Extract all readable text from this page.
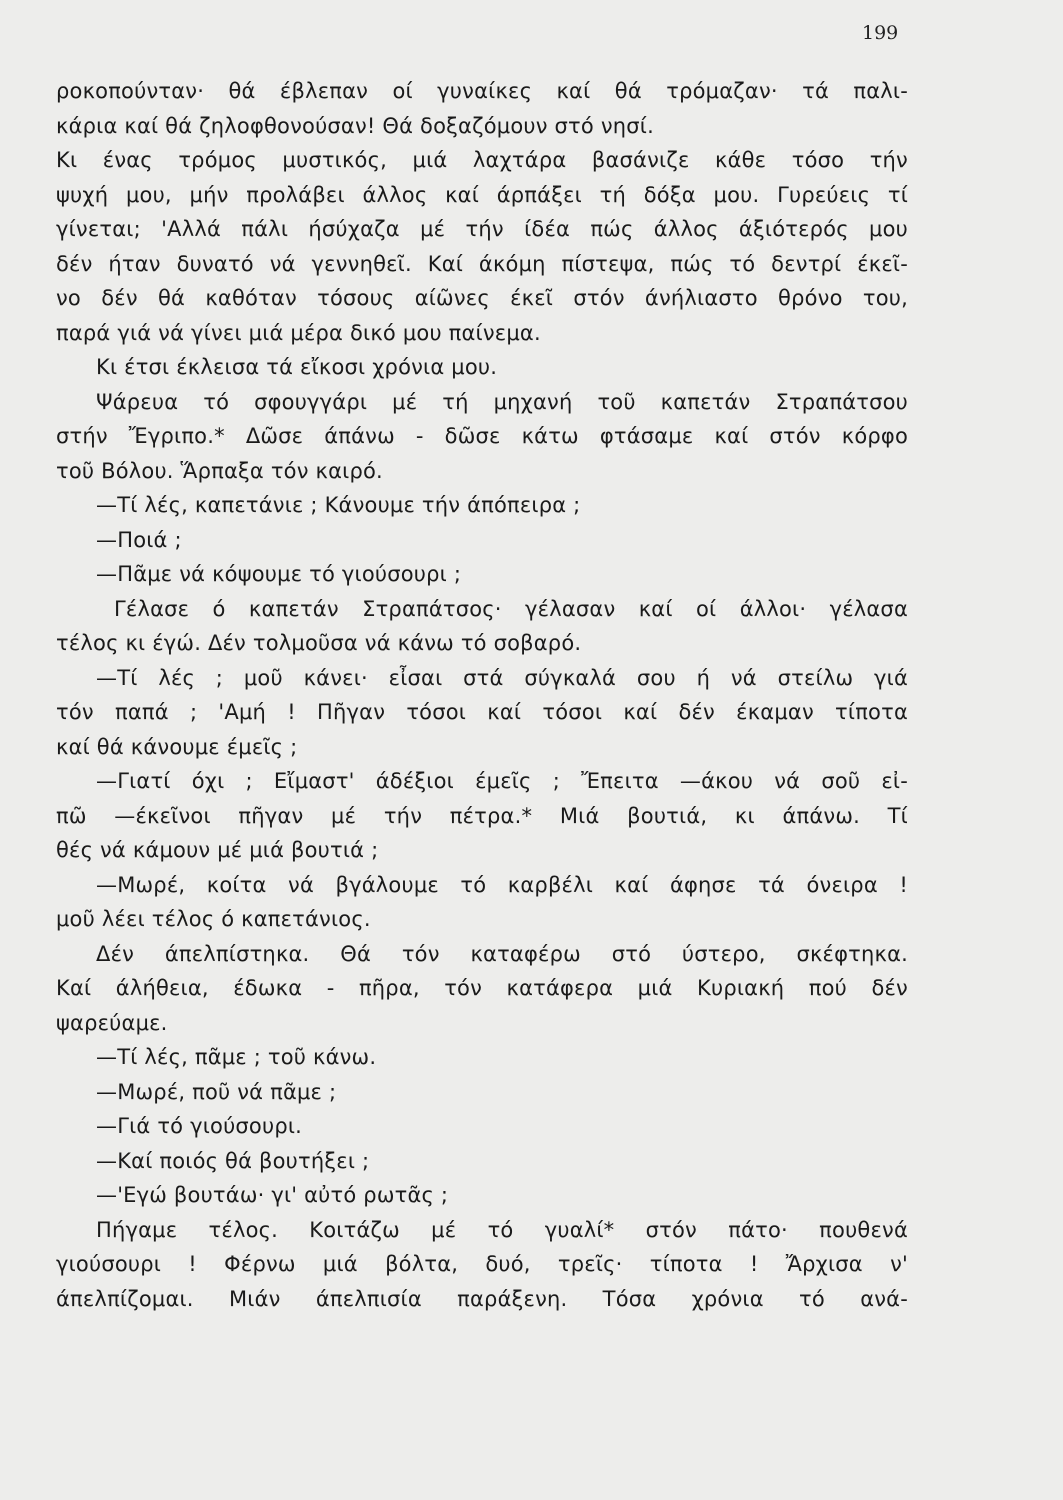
199
ροκοπούνταν· θά έβλεπαν οί γυναίκες καί θά τρόμαζαν· τά παλι-
κάρια καί θά ζηλοφθονούσαν! Θά δοξαζόμουν στό νησί.
Κι ένας τρόμος μυστικός, μιά λαχτάρα βασάνιζε κάθε τόσο τήν
ψυχή μου, μήν προλάβει άλλος καί άρπάξει τή δόξα μου. Γυρεύεις τί
γίνεται; 'Αλλά πάλι ήσύχαζα μέ τήν ίδέα πώς άλλος άξιότερός μου
δέν ήταν δυνατό νά γεννηθεῖ. Καί άκόμη πίστεψα, πώς τό δεντρί έκεῖ-
νο δέν θά καθόταν τόσους αίῶνες έκεῖ στόν άνήλιαστο θρόνο του,
παρά γιά νά γίνει μιά μέρα δικό μου παίνεμα.
Κι έτσι έκλεισα τά εἴκοσι χρόνια μου.
Ψάρευα τό σφουγγάρι μέ τή μηχανή τοῦ καπετάν Στραπάτσου
στήν Ἔγριπο.* Δῶσε άπάνω - δῶσε κάτω φτάσαμε καί στόν κόρφο
τοῦ Βόλου. Ἅρπαξα τόν καιρό.
—Τί λές, καπετάνιε ; Κάνουμε τήν άπόπειρα ;
—Ποιά ;
—Πᾶμε νά κόψουμε τό γιούσουρι ;
Γέλασε ό καπετάν Στραπάτσος· γέλασαν καί οί άλλοι· γέλασα
τέλος κι έγώ. Δέν τολμοῦσα νά κάνω τό σοβαρό.
—Τί λές ; μοῦ κάνει· εἶσαι στά σύγκαλά σου ή νά στείλω γιά
τόν παπά ; 'Αμή ! Πῆγαν τόσοι καί τόσοι καί δέν έκαμαν τίποτα
καί θά κάνουμε έμεῖς ;
—Γιατί όχι ; Εἴμαστ' άδέξιοι έμεῖς ; Ἔπειτα —άκου νά σοῦ εἰ-
πῶ —έκεῖνοι πῆγαν μέ τήν πέτρα.* Μιά βουτιά, κι άπάνω. Τί
θές νά κάμουν μέ μιά βουτιά ;
—Μωρέ, κοίτα νά βγάλουμε τό καρβέλι καί άφησε τά όνειρα !
μοῦ λέει τέλος ό καπετάνιος.
Δέν άπελπίστηκα. Θά τόν καταφέρω στό ύστερο, σκέφτηκα.
Καί άλήθεια, έδωκα - πῆρα, τόν κατάφερα μιά Κυριακή πού δέν
ψαρεύαμε.
—Τί λές, πᾶμε ; τοῦ κάνω.
—Μωρέ, ποῦ νά πᾶμε ;
—Γιά τό γιούσουρι.
—Καί ποιός θά βουτήξει ;
—'Εγώ βουτάω· γι' αὐτό ρωτᾶς ;
Πήγαμε τέλος. Κοιτάζω μέ τό γυαλί* στόν πάτο· πουθενά
γιούσουρι ! Φέρνω μιά βόλτα, δυό, τρεῖς· τίποτα ! Ἄρχισα ν'
άπελπίζομαι. Μιάν άπελπισία παράξενη. Τόσα χρόνια τό ανά-
